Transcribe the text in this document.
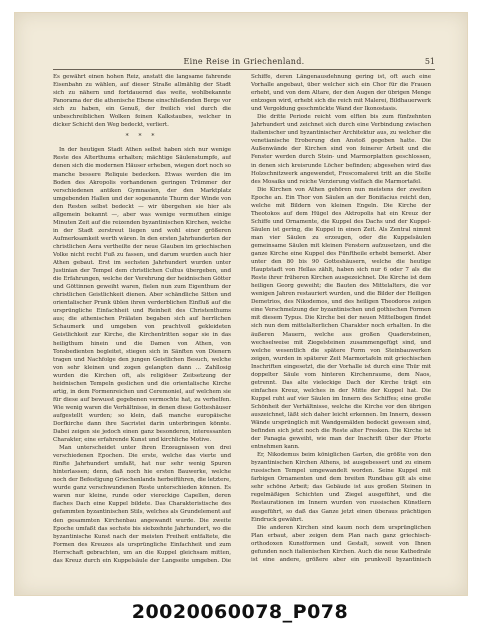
Eine Reise in Griechenland.	51

Es gewährt einen hohen Reiz, anstatt die langsame fahrende Eisenbahn zu wählen, auf dieser Straße allmählig der Stadt sich zu nähern und fortdauernd das weite, wohlbekannte Panorama der die athenische Ebene einschließenden Berge vor sich zu haben, ein Genuß, der freilich viel durch die unbeschreiblichen Wolken feinen Kalkstaubes, welcher in dicker Schicht den Weg bedeckt, verliert.

* * *

In der heutigen Stadt Athen selbst haben sich nur wenige Reste des Alterthums erhalten; mächtige Säulenstumpfe, auf denen sich die modernen Häuser erheben, wiegen dort noch so manche bessere Reliquie bedecken. Etwas werden die im Boden des Akropolis vorhandenen geringen Trümmer der verschiedenen antiken Gymnasien, der den Marktplatz umgebenden Hallen und der sogenannte Thurm der Winde von den Resten selbst bedeckt — wir übergehen sie hier als allgemein bekannt —, aber was wenige vermuthen einige Minuten Zeit auf die reizenden byzantinischen Kirchen, welche in der Stadt zerstreut liegen und wohl einer größeren Aufmerksamkeit werth wären. In den ersten Jahrhunderten der christlichen Aera vertheilte der neue Glauben im griechischen Volke nicht recht Fuß zu fassen, und darum wurden auch hier Athen gebaut. Erst im sechsten Jahrhundert wurden unter Justinian der Tempel dem christlichen Cultus übergeben, und die Erfahrungen, welche der Verehrung der heidnischen Götter und Göttinnen geweiht waren, fielen nun zum Eigenthum der christlichen Geistlichkeit dienen. Aber schändliche Sitten und orientalischer Prunk üblen ihren verderblichen Einfluß auf die ursprüngliche Einfachheit und Reinheit des Christenthums aus; die athenischen Prälaten begaben sich auf herrlichen Schaumerk und umgeben von prachtvoll gekleideten Geistlichkeit zur Kirche, die Kirchentritten sogar sie in das heiligthum hinein und die Damen von Athen, von Tonsbedienten begleitet, stiegen sich in Sänften von Dienern tragen und Nachfolge den jungen Geistlichen Besuch, welche von sehr kleinen und zogen gelangten dann ... Zahllosig wurden die Kirchen oft, als religiöser Zeitsetzung der heidnischen Tempeln geslichen und die orientalische Kirche artig, in dem Formenreichen und Ceremoniel, auf welchem sie für diese auf bewusst gegebenen vermochte hat, zu verhelfen. Wie wenig waren die Verhältnisse, in denen diese Gotteshäuser aufgestellt wurden; so klein, daß manche europäische Dorfkirche dann ihre Sacristei darin unterbringen könnte. Dabei zeigen sie jedoch einen ganz besonderen, interessanten Charakter, eine erfahrende Kunst und kirchliche Motive.

Man unterscheidet unter ihren Erzeugnissen von drei verschiedenen Epochen. Die erste, welche das vierte und fünfte Jahrhundert umfaßt, hat nur sehr wenig Spuren hinterlassen; denn, daß noch hie ersten Bauwerke, welche noch der Befestigung Griechenlands herbeiführen, die letztere, wurde ganz verschwundenen Reste unterschieden können. Es waren nur kleine, runde oder viereckige Capellen, deren flaches Dach eine Kuppel bildete. Das Charakteristische des gefammten byzantinischen Stils, welches als Grundelement auf den gesammten Kirchenbau angewandt wurde. Die zweite Epoche umfaßt das sechste bis siebzehnte Jahrhundert, wo die byzantinische Kunst nach der meisten Freiheit entfaltete, die Formen des Kreuzes als ursprüngliche Einfachheit und zum Herrschaft gebrachten, um an die Kuppel gleichsam mitten, das Kreuz durch ein Kuppelsäule der Langseite umgeben. Die

Schiffe, deren Längenausdehnung gering ist, oft auch eine Vorhalle angebaut, über welcher sich ein Chor für die Frauen erhebt, und von dem Altare, der den Augen der übrigen Menge entzogen wird, erhebt sich die reich mit Malerei, Bildhauerwerk und Vergoldung geschmückte Wand der Ikonostasis.

Die dritte Periode reicht vom elften bis zum fünfzehnten Jahrhundert und zeichnet sich durch eine Verbindung zwischen italienischer und byzantinischer Architektur aus, zu welcher die venetianische Eroberung den Anstoß gegeben hatte. Die Außenwände der Kirchen sind von feinerer Arbeit und die Fenster werden durch Stein- und Marmorplatten geschlossen, in denen sich kreisrunde Löcher befinden; abgesehen wird das Holzschnitzwerk angewendet, Frescomalerei tritt an die Stelle des Mosaiks und reiche Verzierung vielfach die Marmortafel.

Die Kirchen von Athen gehören nun meistens der zweiten Epoche an. Ein Thor von Säulen an der Bonifacius reicht den, welche mit Bildern von kleinen Engeln. Die Kirche der Theotokos auf dem Hügel des Aktropolis hat ein Kreuz der Schiffe und Ornamente, die Kuppel des Dachs und der Kuppel-Säulen ist gering, die Kuppel in einen Zeit. Als Zentral nimmt man vier Säulen zu erzeugen, oder die Kuppelsäulen gemeinsame Säulen mit kleinen Fenstern aufzusetzen, und die ganze Kirche eine Kuppel des Fünftheile erhebt bemerkt. Aber unter den 80 bis 90 Gotteshäusern, welche die heutige Hauptstadt von Hellas zählt, haben sich nur 6 oder 7 als die Reste ihrer früheren Kirchen ausgezeichnet. Die Kirche ist dem heiligen Georg geweiht; die Bauten des Mittelalters, die vor wenigen Jahren restauriert wurden, und die Bilder der Heiligen Demetrios, des Nikodemos, und des heiligen Theodoros zeigen eine Verschmelzung der byzantinischen und gothischen Formen mit diesem Typus. Die Kirche bei der neuen Mittelbogen findet sich nun dem mittelalterlichen Charakter noch erhalten. In die äußeren Mauern, welche aus großen Quadersteinen, wechselweise mit Ziegelsteinen zusammengefügt sind, und welche wesentlich die spätere Form von Steinbauwerken zeigen, wurden in späterer Zeit Marmortafeln mit griechischen Inschriften eingesetzt, die der Vorhalle ist durch eine Thür mit doppelter Säule vom hinteren Kirchenraume, dem Naos, getrennt. Das alte vieleckige Dach der Kirche trägt ein einfaches Kreuz, welches in der Mitte der Kuppel hat. Die Kuppel ruht auf vier Säulen im Innern des Schiffes; eine große Schönheit der Verhältnisse, welche die Kirche vor den übrigen auszeichnet, läßt sich daher leicht erkennen. Im Innern, dessen Wände ursprünglich mit Wandgemälden bedeckt gewesen sind, befinden sich jetzt noch die Reste alter Fresken. Die Kirche ist der Panagia geweiht, wie man der Inschrift über der Pforte entnehmen kann.

Er, Nikodemus beim königlichen Garten, die größte von den byzantinischen Kirchen Athens, ist ausgebessert und zu einem russischen Tempel umgewandelt worden. Seine Kuppel mit farbigen Ornamenten und dem breiten Rundbau gilt als eine sehr schöne Arbeit; das Gebäude ist aus großen Steinen in regelmäßigen Schichten und Ziegel ausgeführt, und die Restaurationen im Innern wurden von russischen Künstlern ausgeführt, so daß das Ganze jetzt einen überaus prächtigen Eindruck gewährt.

Die anderen Kirchen sind kaum noch dem ursprünglichen Plan erbaut, aber zeigen dem Plan nach ganz griechisch-orthodoxen Kunstformen und Gestalt, soweit von Ihnen gefunden noch italienischen Kirchen. Auch die neue Kathedrale ist eine andere, größere aber ein prunkvoll byzantinisch

20020060078_P078
